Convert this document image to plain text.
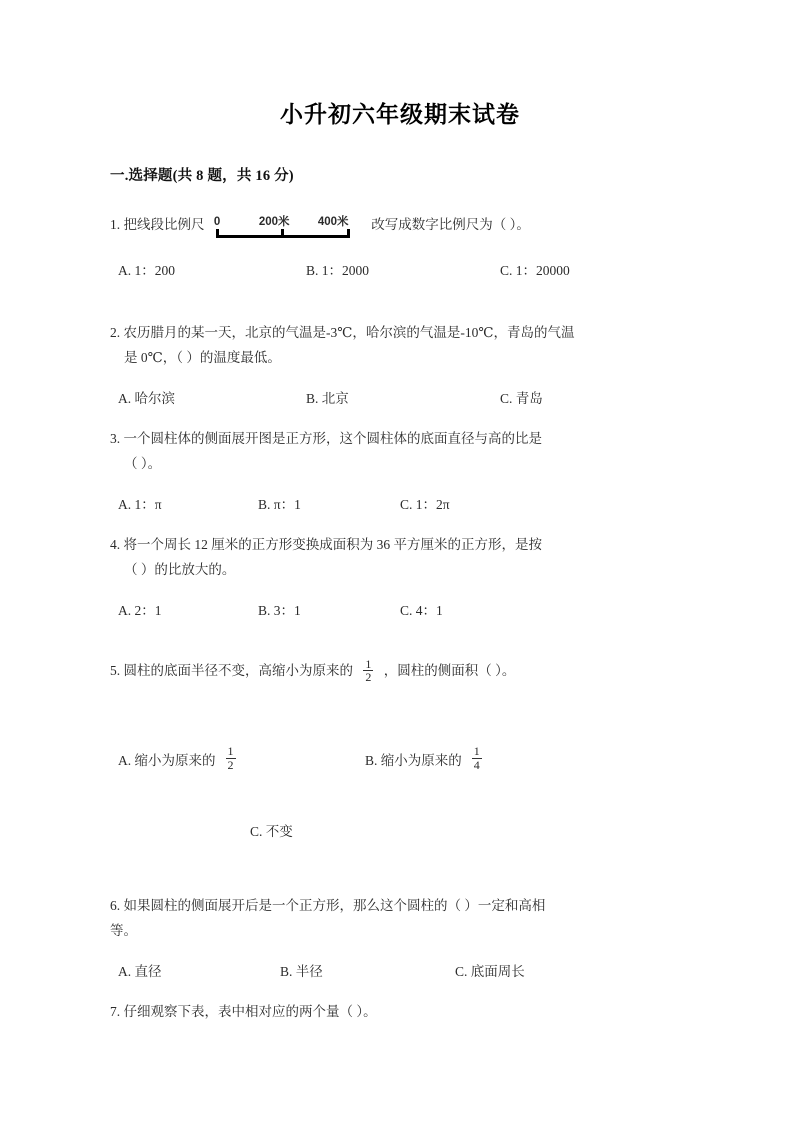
小升初六年级期末试卷
一.选择题(共 8 题，共 16 分)
1. 把线段比例尺 0	200米 400米 改写成数字比例尺为（ ）。
A. 1：200	B. 1：2000	C. 1：20000
2. 农历腊月的某一天，北京的气温是-3℃，哈尔滨的气温是-10℃，青岛的气温
是 0℃，（ ）的温度最低。
A. 哈尔滨	B. 北京	C. 青岛
3. 一个圆柱体的侧面展开图是正方形，这个圆柱体的底面直径与高的比是
（ ）。
A. 1：π	B. π：1	C. 1：2π
4. 将一个周长 12 厘米的正方形变换成面积为 36 平方厘米的正方形，是按
（ ）的比放大的。
A. 2：1	B. 3：1	C. 4：1
5. 圆柱的底面半径不变，高缩小为原来的 $\frac{1}{2}$ ，圆柱的侧面积（ ）。
A. 缩小为原来的 $\frac{1}{2}$	B. 缩小为原来的 $\frac{1}{4}$
C. 不变
6. 如果圆柱的侧面展开后是一个正方形，那么这个圆柱的（ ）一定和高相
等。
A. 直径	B. 半径	C. 底面周长
7. 仔细观察下表，表中相对应的两个量（ ）。
